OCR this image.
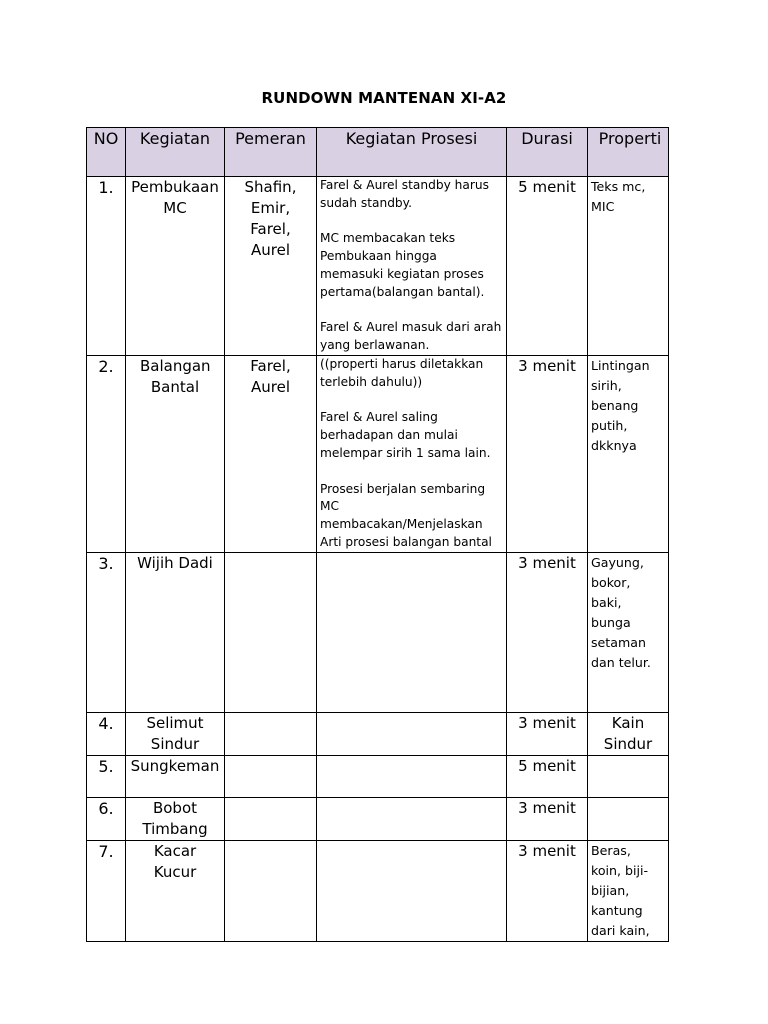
RUNDOWN MANTENAN XI-A2
NO	Kegiatan	Pemeran	Kegiatan Prosesi	Durasi	Properti
1.	Pembukaan MC	Shafin, Emir, Farel, Aurel	Farel & Aurel standby harus sudah standby.

MC membacakan teks Pembukaan hingga memasuki kegiatan proses pertama(balangan bantal).

Farel & Aurel masuk dari arah yang berlawanan.	5 menit	Teks mc, MIC
2.	Balangan Bantal	Farel, Aurel	((properti harus diletakkan terlebih dahulu))

Farel & Aurel saling berhadapan dan mulai melempar sirih 1 sama lain.

Prosesi berjalan sembaring MC membacakan/Menjelaskan Arti prosesi balangan bantal	3 menit	Lintingan sirih, benang putih, dkknya
3.	Wijih Dadi			3 menit	Gayung, bokor, baki, bunga setaman dan telur.
4.	Selimut Sindur			3 menit	Kain Sindur
5.	Sungkeman			5 menit	
6.	Bobot Timbang			3 menit	
7.	Kacar Kucur			3 menit	Beras, koin, biji-bijian, kantung dari kain,
